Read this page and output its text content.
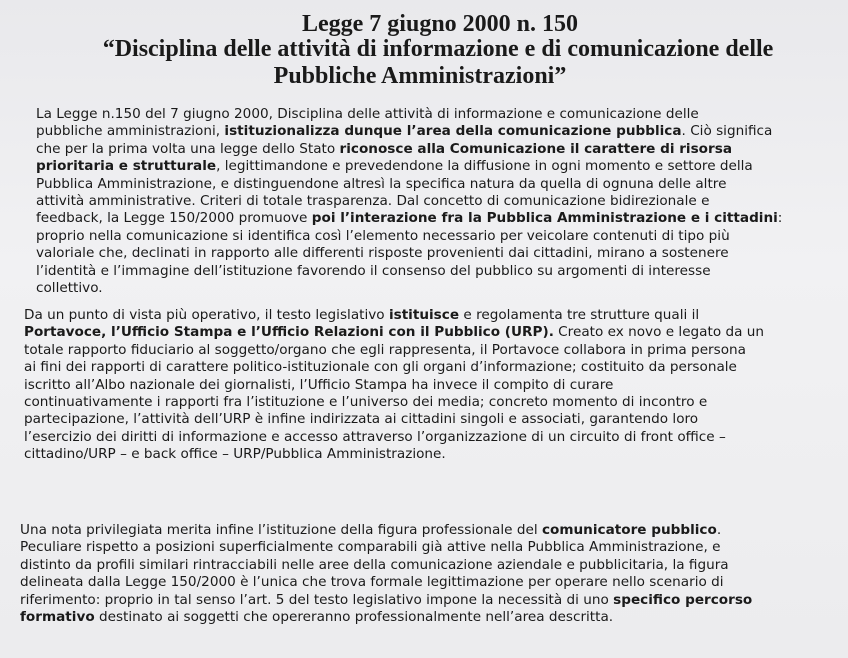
Legge 7 giugno 2000 n. 150
“Disciplina delle attività di informazione e di comunicazione delle
Pubbliche Amministrazioni”

La Legge n.150 del 7 giugno 2000, Disciplina delle attività di informazione e comunicazione delle
pubbliche amministrazioni, istituzionalizza dunque l’area della comunicazione pubblica. Ciò significa
che per la prima volta una legge dello Stato riconosce alla Comunicazione il carattere di risorsa
prioritaria e strutturale, legittimandone e prevedendone la diffusione in ogni momento e settore della
Pubblica Amministrazione, e distinguendone altresì la specifica natura da quella di ognuna delle altre
attività amministrative. Criteri di totale trasparenza. Dal concetto di comunicazione bidirezionale e
feedback, la Legge 150/2000 promuove poi l’interazione fra la Pubblica Amministrazione e i cittadini:
proprio nella comunicazione si identifica così l’elemento necessario per veicolare contenuti di tipo più
valoriale che, declinati in rapporto alle differenti risposte provenienti dai cittadini, mirano a sostenere
l’identità e l’immagine dell’istituzione favorendo il consenso del pubblico su argomenti di interesse
collettivo.

Da un punto di vista più operativo, il testo legislativo istituisce e regolamenta tre strutture quali il
Portavoce, l’Ufficio Stampa e l’Ufficio Relazioni con il Pubblico (URP). Creato ex novo e legato da un
totale rapporto fiduciario al soggetto/organo che egli rappresenta, il Portavoce collabora in prima persona
ai fini dei rapporti di carattere politico-istituzionale con gli organi d’informazione; costituito da personale
iscritto all’Albo nazionale dei giornalisti, l’Ufficio Stampa ha invece il compito di curare
continuativamente i rapporti fra l’istituzione e l’universo dei media; concreto momento di incontro e
partecipazione, l’attività dell’URP è infine indirizzata ai cittadini singoli e associati, garantendo loro
l’esercizio dei diritti di informazione e accesso attraverso l’organizzazione di un circuito di front office –
cittadino/URP – e back office – URP/Pubblica Amministrazione.

Una nota privilegiata merita infine l’istituzione della figura professionale del comunicatore pubblico.
Peculiare rispetto a posizioni superficialmente comparabili già attive nella Pubblica Amministrazione, e
distinto da profili similari rintracciabili nelle aree della comunicazione aziendale e pubblicitaria, la figura
delineata dalla Legge 150/2000 è l’unica che trova formale legittimazione per operare nello scenario di
riferimento: proprio in tal senso l’art. 5 del testo legislativo impone la necessità di uno specifico percorso
formativo destinato ai soggetti che opereranno professionalmente nell’area descritta.
